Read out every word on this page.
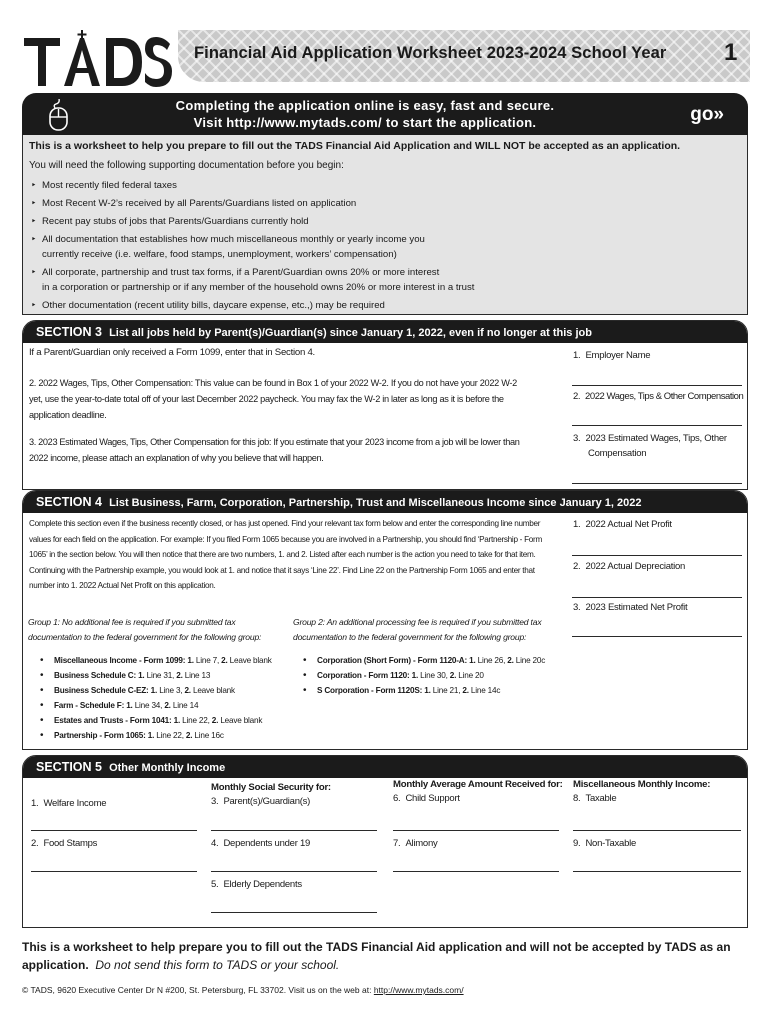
Financial Aid Application Worksheet 2023-2024 School Year 1
Completing the application online is easy, fast and secure.
Visit http://www.mytads.com/ to start the application.	go»
This is a worksheet to help you prepare to fill out the TADS Financial Aid Application and WILL NOT be accepted as an application.
You will need the following supporting documentation before you begin:
‣ Most recently filed federal taxes
‣ Most Recent W-2’s received by all Parents/Guardians listed on application
‣ Recent pay stubs of jobs that Parents/Guardians currently hold
‣ All documentation that establishes how much miscellaneous monthly or yearly income you
currently receive (i.e. welfare, food stamps, unemployment, workers’ compensation)
‣ All corporate, partnership and trust tax forms, if a Parent/Guardian owns 20% or more interest
in a corporation or partnership or if any member of the household owns 20% or more interest in a trust
‣ Other documentation (recent utility bills, daycare expense, etc.,) may be required
SECTION 3 List all jobs held by Parent(s)/Guardian(s) since January 1, 2022, even if no longer at this job
If a Parent/Guardian only received a Form 1099, enter that in Section 4.
2. 2022 Wages, Tips, Other Compensation: This value can be found in Box 1 of your 2022 W-2. If you do not have your 2022 W-2 yet, use the year-to-date total off of your last December 2022 paycheck. You may fax the W-2 in later as long as it is before the application deadline.
3. 2023 Estimated Wages, Tips, Other Compensation for this job: If you estimate that your 2023 income from a job will be lower than 2022 income, please attach an explanation of why you believe that will happen.
1. Employer Name
2. 2022 Wages, Tips & Other Compensation
3. 2023 Estimated Wages, Tips, Other
Compensation
SECTION 4 List Business, Farm, Corporation, Partnership, Trust and Miscellaneous Income since January 1, 2022
Complete this section even if the business recently closed, or has just opened. Find your relevant tax form below and enter the corresponding line number values for each field on the application. For example: If you filed Form 1065 because you are involved in a Partnership, you should find ‘Partnership - Form 1065’ in the section below. You will then notice that there are two numbers, 1. and 2. Listed after each number is the action you need to take for that item. Continuing with the Partnership example, you would look at 1. and notice that it says ‘Line 22’. Find Line 22 on the Partnership Form 1065 and enter that number into 1. 2022 Actual Net Profit on this application.
Group 1: No additional fee is required if you submitted tax
documentation to the federal government for the following group:
Group 2: An additional processing fee is required if you submitted tax
documentation to the federal government for the following group:
• Miscellaneous Income - Form 1099: 1. Line 7, 2. Leave blank
• Business Schedule C: 1. Line 31, 2. Line 13
• Business Schedule C-EZ: 1. Line 3, 2. Leave blank
• Farm - Schedule F: 1. Line 34, 2. Line 14
• Estates and Trusts - Form 1041: 1. Line 22, 2. Leave blank
• Partnership - Form 1065: 1. Line 22, 2. Line 16c
• Corporation (Short Form) - Form 1120-A: 1. Line 26, 2. Line 20c
• Corporation - Form 1120: 1. Line 30, 2. Line 20
• S Corporation - Form 1120S: 1. Line 21, 2. Line 14c
1. 2022 Actual Net Profit
2. 2022 Actual Depreciation
3. 2023 Estimated Net Profit
SECTION 5 Other Monthly Income
Monthly Social Security for:	Monthly Average Amount Received for: Miscellaneous Monthly Income:
1. Welfare Income
2. Food Stamps
3. Parent(s)/Guardian(s)
4. Dependents under 19
5. Elderly Dependents
6. Child Support
7. Alimony
8. Taxable
9. Non-Taxable
This is a worksheet to help prepare you to fill out the TADS Financial Aid application and will not be accepted by TADS as an application. Do not send this form to TADS or your school.
© TADS, 9620 Executive Center Dr N #200, St. Petersburg, FL 33702. Visit us on the web at: http://www.mytads.com/
